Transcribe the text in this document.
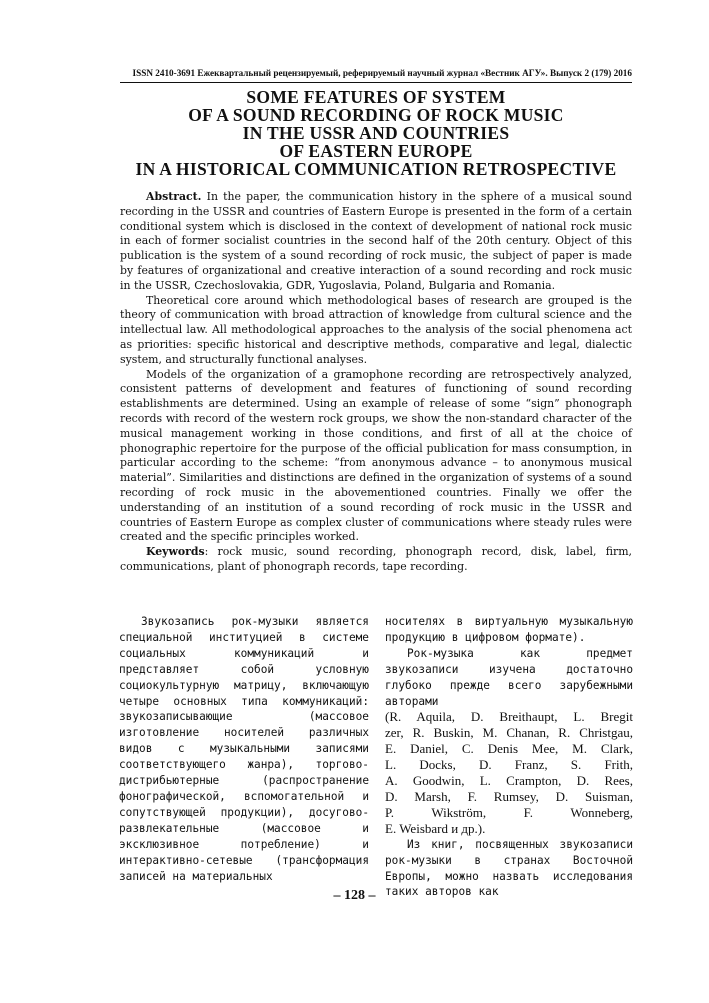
ISSN 2410-3691 Ежеквартальный рецензируемый, реферируемый научный журнал «Вестник АГУ». Выпуск 2 (179) 2016
SOME FEATURES OF SYSTEM
OF A SOUND RECORDING OF ROCK MUSIC
IN THE USSR AND COUNTRIES
OF EASTERN EUROPE
IN A HISTORICAL COMMUNICATION RETROSPECTIVE

Abstract. In the paper, the communication history in the sphere of a musical sound recording in the USSR and countries of Eastern Europe is presented in the form of a certain conditional system which is disclosed in the context of development of national rock music in each of former socialist countries in the second half of the 20th century. Object of this publication is the system of a sound recording of rock music, the subject of paper is made by features of organizational and creative interaction of a sound recording and rock music in the USSR, Czechoslovakia, GDR, Yugoslavia, Poland, Bulgaria and Romania.

Theoretical core around which methodological bases of research are grouped is the theory of communication with broad attraction of knowledge from cultural science and the intellectual law. All methodological approaches to the analysis of the social phenomena act as priorities: specific historical and descriptive methods, comparative and legal, dialectic system, and structurally functional analyses.

Models of the organization of a gramophone recording are retrospectively analyzed, consistent patterns of development and features of functioning of sound recording establishments are determined. Using an example of release of some “sign” phonograph records with record of the western rock groups, we show the non-standard character of the musical management working in those conditions, and first of all at the choice of phonographic repertoire for the purpose of the official publication for mass consumption, in particular according to the scheme: “from anonymous advance – to anonymous musical material”. Similarities and distinctions are defined in the organization of systems of a sound recording of rock music in the abovementioned countries. Finally we offer the understanding of an institution of a sound recording of rock music in the USSR and countries of Eastern Europe as complex cluster of communications where steady rules were created and the specific principles worked.

Keywords: rock music, sound recording, phonograph record, disk, label, firm, communications, plant of phonograph records, tape recording.

Звукозапись рок-музыки является специальной институцией в системе социальных коммуникаций и представляет собой условную социокультурную матрицу, включающую четыре основных типа коммуникаций: звукозаписывающие (массовое изготовление носителей различных видов с музыкальными записями соответствующего жанра), торгово-дистрибьютерные (распространение фонографической, вспомогательной и сопутствующей продукции), досугово-развлекательные (массовое и эксклюзивное потребление) и интерактивно-сетевые (трансформация записей на материальных

носителях в виртуальную музыкальную продукцию в цифровом формате).

Рок-музыка как предмет звукозаписи изучена достаточно глубоко прежде всего зарубежными авторами

(R. Aquila, D. Breithaupt, L. Bregit
zer, R. Buskin, M. Chanan, R. Christgau,
E. Daniel, C. Denis Mee, M. Clark,
L. Docks, D. Franz, S. Frith,
A. Goodwin, L. Crampton, D. Rees,
D. Marsh, F. Rumsey, D. Suisman,
P. Wikström, F. Wonneberg,
E. Weisbard и др.).

Из книг, посвященных звукозаписи рок-музыки в странах Восточной Европы, можно назвать исследования таких авторов как

– 128 –
